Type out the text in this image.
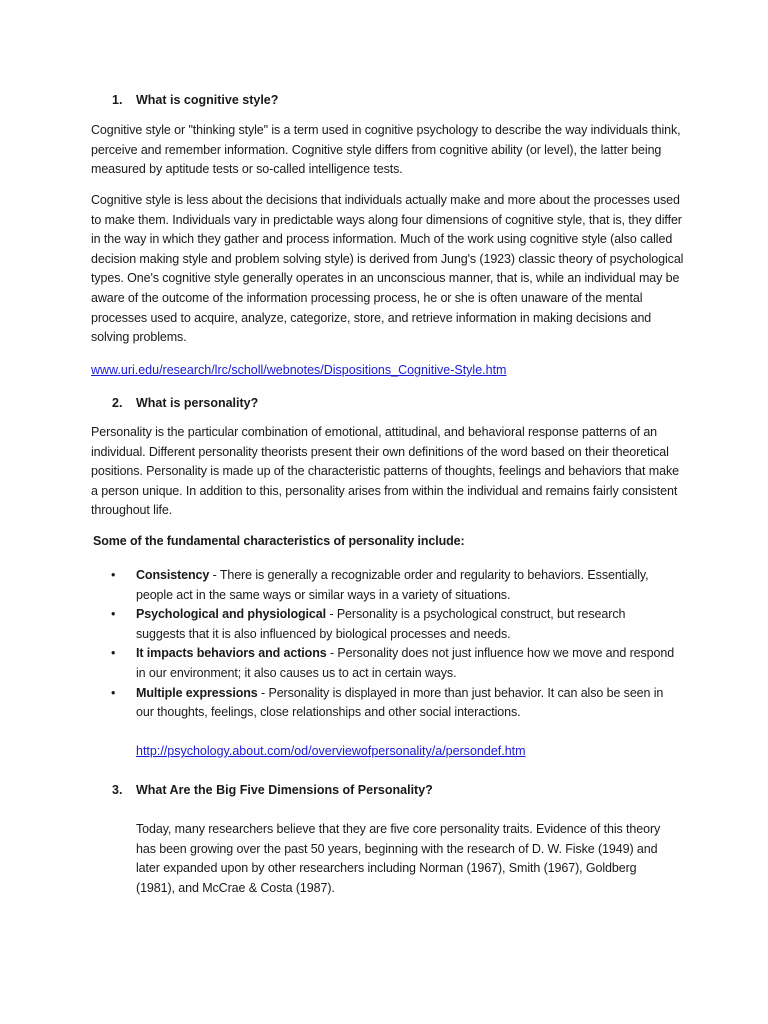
1. What is cognitive style?

Cognitive style or "thinking style" is a term used in cognitive psychology to describe the way individuals think, perceive and remember information. Cognitive style differs from cognitive ability (or level), the latter being measured by aptitude tests or so-called intelligence tests.

Cognitive style is less about the decisions that individuals actually make and more about the processes used to make them. Individuals vary in predictable ways along four dimensions of cognitive style, that is, they differ in the way in which they gather and process information. Much of the work using cognitive style (also called decision making style and problem solving style) is derived from Jung's (1923) classic theory of psychological types. One's cognitive style generally operates in an unconscious manner, that is, while an individual may be aware of the outcome of the information processing process, he or she is often unaware of the mental processes used to acquire, analyze, categorize, store, and retrieve information in making decisions and solving problems.

www.uri.edu/research/lrc/scholl/webnotes/Dispositions_Cognitive-Style.htm
2. What is personality?

Personality is the particular combination of emotional, attitudinal, and behavioral response patterns of an individual. Different personality theorists present their own definitions of the word based on their theoretical positions. Personality is made up of the characteristic patterns of thoughts, feelings and behaviors that make a person unique. In addition to this, personality arises from within the individual and remains fairly consistent throughout life.

Some of the fundamental characteristics of personality include:

• Consistency - There is generally a recognizable order and regularity to behaviors. Essentially, people act in the same ways or similar ways in a variety of situations.
• Psychological and physiological - Personality is a psychological construct, but research suggests that it is also influenced by biological processes and needs.
• It impacts behaviors and actions - Personality does not just influence how we move and respond in our environment; it also causes us to act in certain ways.
• Multiple expressions - Personality is displayed in more than just behavior. It can also be seen in our thoughts, feelings, close relationships and other social interactions.
http://psychology.about.com/od/overviewofpersonality/a/persondef.htm
3. What Are the Big Five Dimensions of Personality?

Today, many researchers believe that they are five core personality traits. Evidence of this theory has been growing over the past 50 years, beginning with the research of D. W. Fiske (1949) and later expanded upon by other researchers including Norman (1967), Smith (1967), Goldberg (1981), and McCrae & Costa (1987).
